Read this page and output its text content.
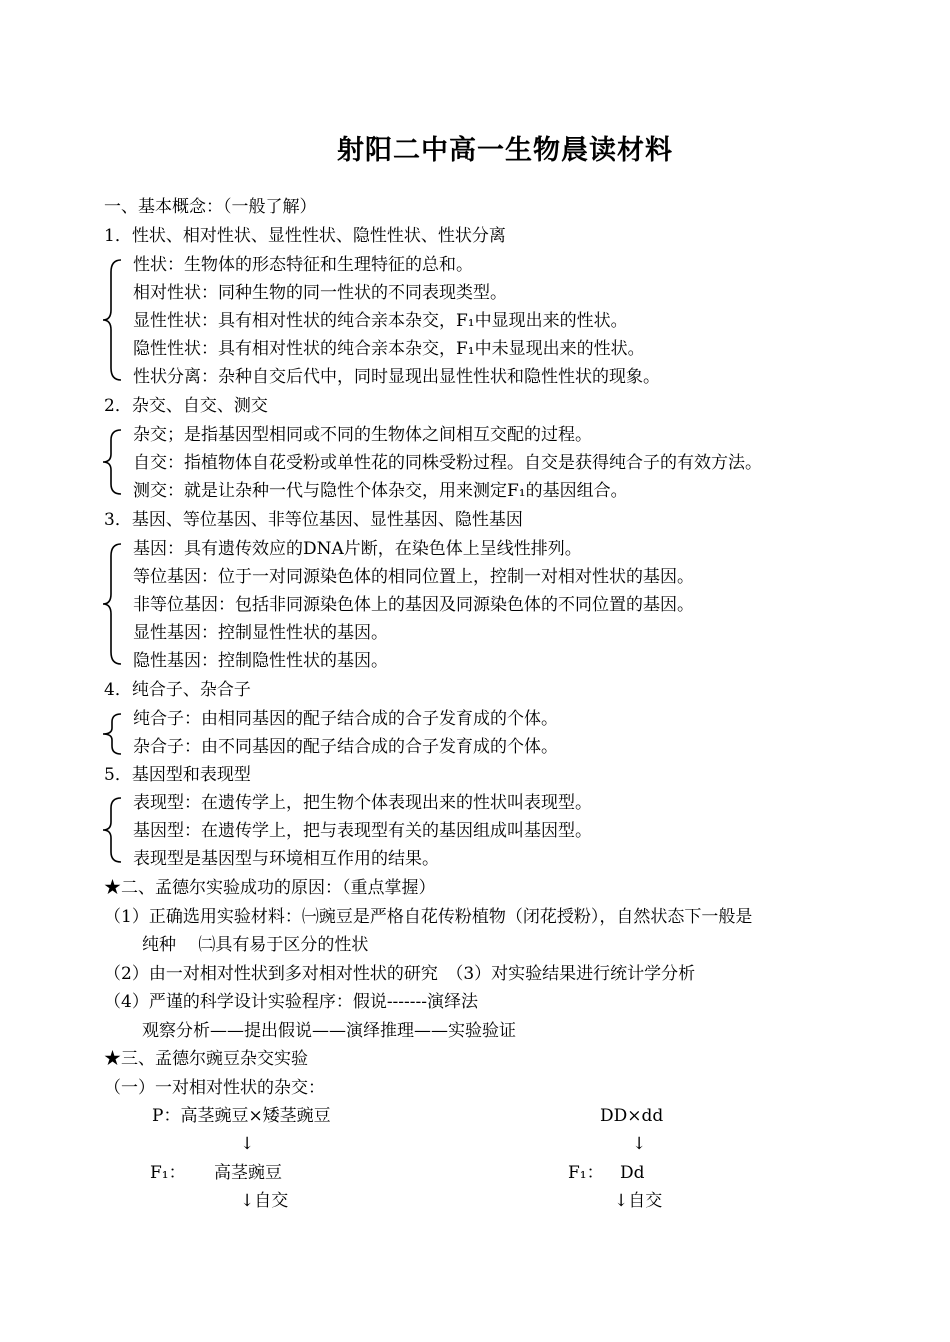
射阳二中高一生物晨读材料
一、基本概念：（一般了解）
1．性状、相对性状、显性性状、隐性性状、性状分离
性状：生物体的形态特征和生理特征的总和。
相对性状：同种生物的同一性状的不同表现类型。
显性性状：具有相对性状的纯合亲本杂交，F₁中显现出来的性状。
隐性性状：具有相对性状的纯合亲本杂交，F₁中未显现出来的性状。
性状分离：杂种自交后代中，同时显现出显性性状和隐性性状的现象。
2．杂交、自交、测交
杂交；是指基因型相同或不同的生物体之间相互交配的过程。
自交：指植物体自花受粉或单性花的同株受粉过程。自交是获得纯合子的有效方法。
测交：就是让杂种一代与隐性个体杂交，用来测定F₁的基因组合。
3．基因、等位基因、非等位基因、显性基因、隐性基因
基因：具有遗传效应的DNA片断，在染色体上呈线性排列。
等位基因：位于一对同源染色体的相同位置上，控制一对相对性状的基因。
非等位基因：包括非同源染色体上的基因及同源染色体的不同位置的基因。
显性基因：控制显性性状的基因。
隐性基因：控制隐性性状的基因。
4．纯合子、杂合子
纯合子：由相同基因的配子结合成的合子发育成的个体。
杂合子：由不同基因的配子结合成的合子发育成的个体。
5．基因型和表现型
表现型：在遗传学上，把生物个体表现出来的性状叫表现型。
基因型：在遗传学上，把与表现型有关的基因组成叫基因型。
表现型是基因型与环境相互作用的结果。
★二、孟德尔实验成功的原因：（重点掌握）
（1）正确选用实验材料：㈠豌豆是严格自花传粉植物（闭花授粉），自然状态下一般是
纯种　 ㈡具有易于区分的性状
（2）由一对相对性状到多对相对性状的研究　（3）对实验结果进行统计学分析
（4）严谨的科学设计实验程序：假说-------演绎法
观察分析——提出假说——演绎推理——实验验证
★三、孟德尔豌豆杂交实验
（一）一对相对性状的杂交：
P：高茎豌豆×矮茎豌豆
↓
F₁： 高茎豌豆
↓自交
DD×dd
↓
F₁： Dd
↓自交
